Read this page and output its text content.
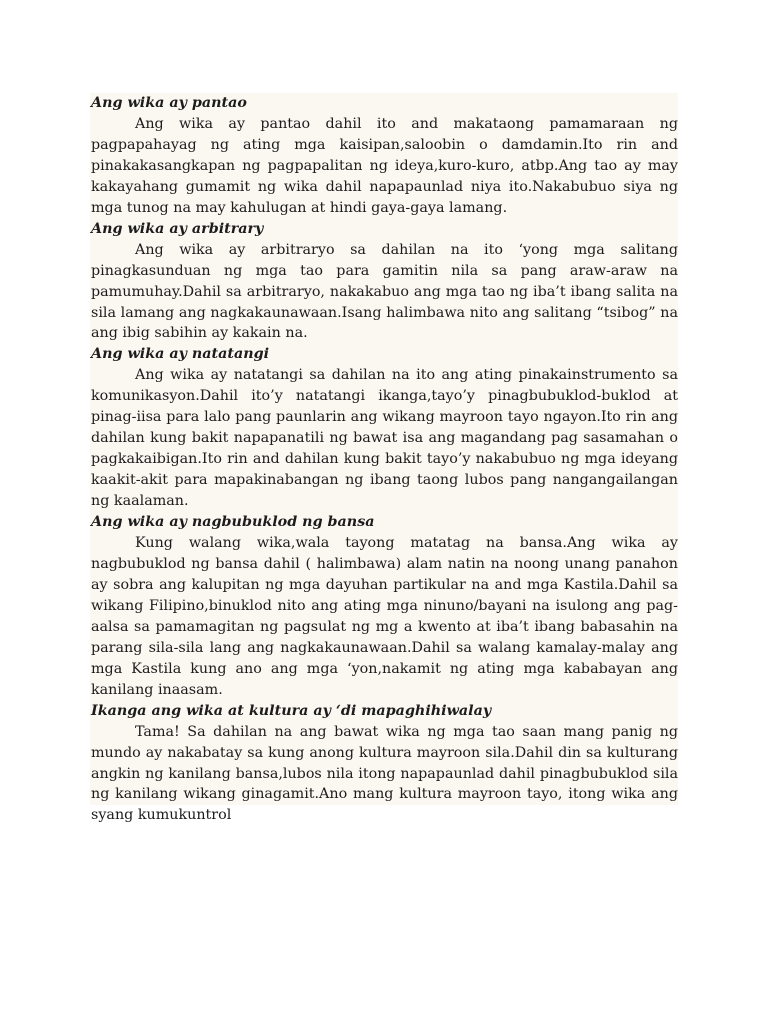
Ang wika ay pantao

Ang wika ay pantao dahil ito and makataong pamamaraan ng pagpapahayag ng ating mga kaisipan,saloobin o damdamin.Ito rin and pinakakasangkapan ng pagpapalitan ng ideya,kuro-kuro, atbp.Ang tao ay may kakayahang gumamit ng wika dahil napapaunlad niya ito.Nakabubuo siya ng mga tunog na may kahulugan at hindi gaya-gaya lamang.

Ang wika ay arbitrary

Ang wika ay arbitraryo sa dahilan na ito ‘yong mga salitang pinagkasunduan ng mga tao para gamitin nila sa pang araw-araw na pamumuhay.Dahil sa arbitraryo, nakakabuo ang mga tao ng iba’t ibang salita na sila lamang ang nagkakaunawaan.Isang halimbawa nito ang salitang “tsibog” na ang ibig sabihin ay kakain na.

Ang wika ay natatangi

Ang wika ay natatangi sa dahilan na ito ang ating pinakainstrumento sa komunikasyon.Dahil ito’y natatangi ikanga,tayo’y pinagbubuklod-buklod at pinag-iisa para lalo pang paunlarin ang wikang mayroon tayo ngayon.Ito rin ang dahilan kung bakit napapanatili ng bawat isa ang magandang pag sasamahan o pagkakaibigan.Ito rin and dahilan kung bakit tayo’y nakabubuo ng mga ideyang kaakit-akit para mapakinabangan ng ibang taong lubos pang nangangailangan ng kaalaman.

Ang wika ay nagbubuklod ng bansa

Kung walang wika,wala tayong matatag na bansa.Ang wika ay nagbubuklod ng bansa dahil ( halimbawa) alam natin na noong unang panahon ay sobra ang kalupitan ng mga dayuhan partikular na and mga Kastila.Dahil sa wikang Filipino,binuklod nito ang ating mga ninuno/bayani na isulong ang pag-aalsa sa pamamagitan ng pagsulat ng mg a kwento at iba’t ibang babasahin na parang sila-sila lang ang nagkakaunawaan.Dahil sa walang kamalay-malay ang mga Kastila kung ano ang mga ‘yon,nakamit ng ating mga kababayan ang kanilang inaasam.

Ikanga ang wika at kultura ay ‘di mapaghihiwalay

Tama! Sa dahilan na ang bawat wika ng mga tao saan mang panig ng mundo ay nakabatay sa kung anong kultura mayroon sila.Dahil din sa kulturang angkin ng kanilang bansa,lubos nila itong napapaunlad dahil pinagbubuklod sila ng kanilang wikang ginagamit.Ano mang kultura mayroon tayo, itong wika ang syang kumukuntrol
